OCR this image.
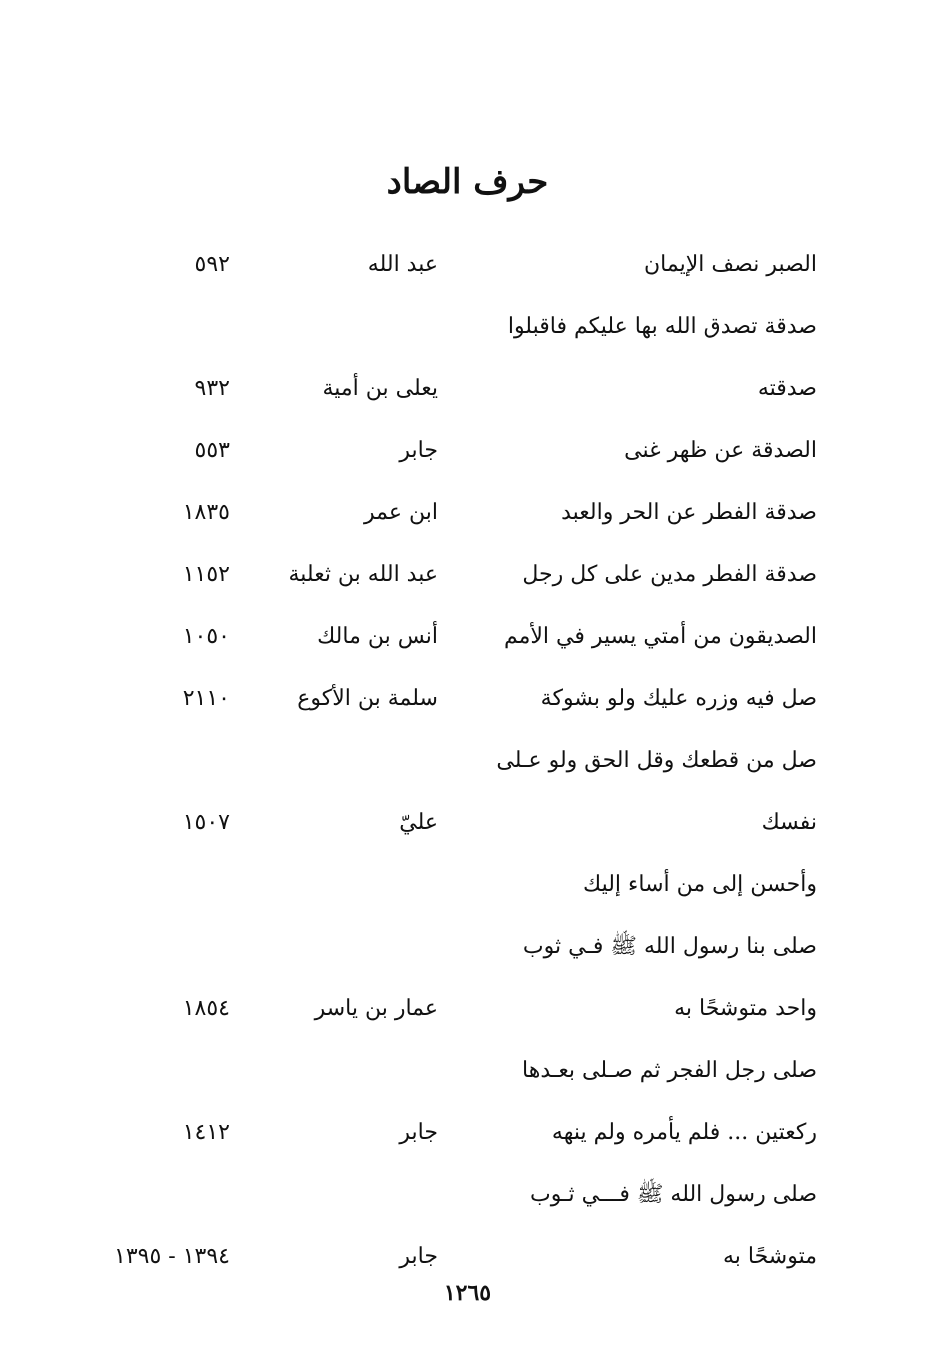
حرف الصاد
الصبر نصف الإيمان
عبد الله
٥٩٢
صدقة تصدق الله بها عليكم فاقبلوا
صدقته
يعلى بن أمية
٩٣٢
الصدقة عن ظهر غنى
جابر
٥٥٣
صدقة الفطر عن الحر والعبد
ابن عمر
١٨٣٥
صدقة الفطر مدين على كل رجل
عبد الله بن ثعلبة
١١٥٢
الصديقون من أمتي يسير في الأمم
أنس بن مالك
١٠٥٠
صل فيه وزره عليك ولو بشوكة
سلمة بن الأكوع
٢١١٠
صل من قطعك وقل الحق ولو عـلى
نفسك
عليّ
١٥٠٧
وأحسن إلى من أساء إليك
صلى بنا رسول الله ﷺ فـي ثوب
واحد متوشحًا به
عمار بن ياسر
١٨٥٤
صلى رجل الفجر ثم صـلى بعـدها
ركعتين ... فلم يأمره ولم ينهه
جابر
١٤١٢
صلى رسول الله ﷺ فـــي ثـوب
متوشحًا به
جابر
١٣٩٤ - ١٣٩٥
١٢٦٥
